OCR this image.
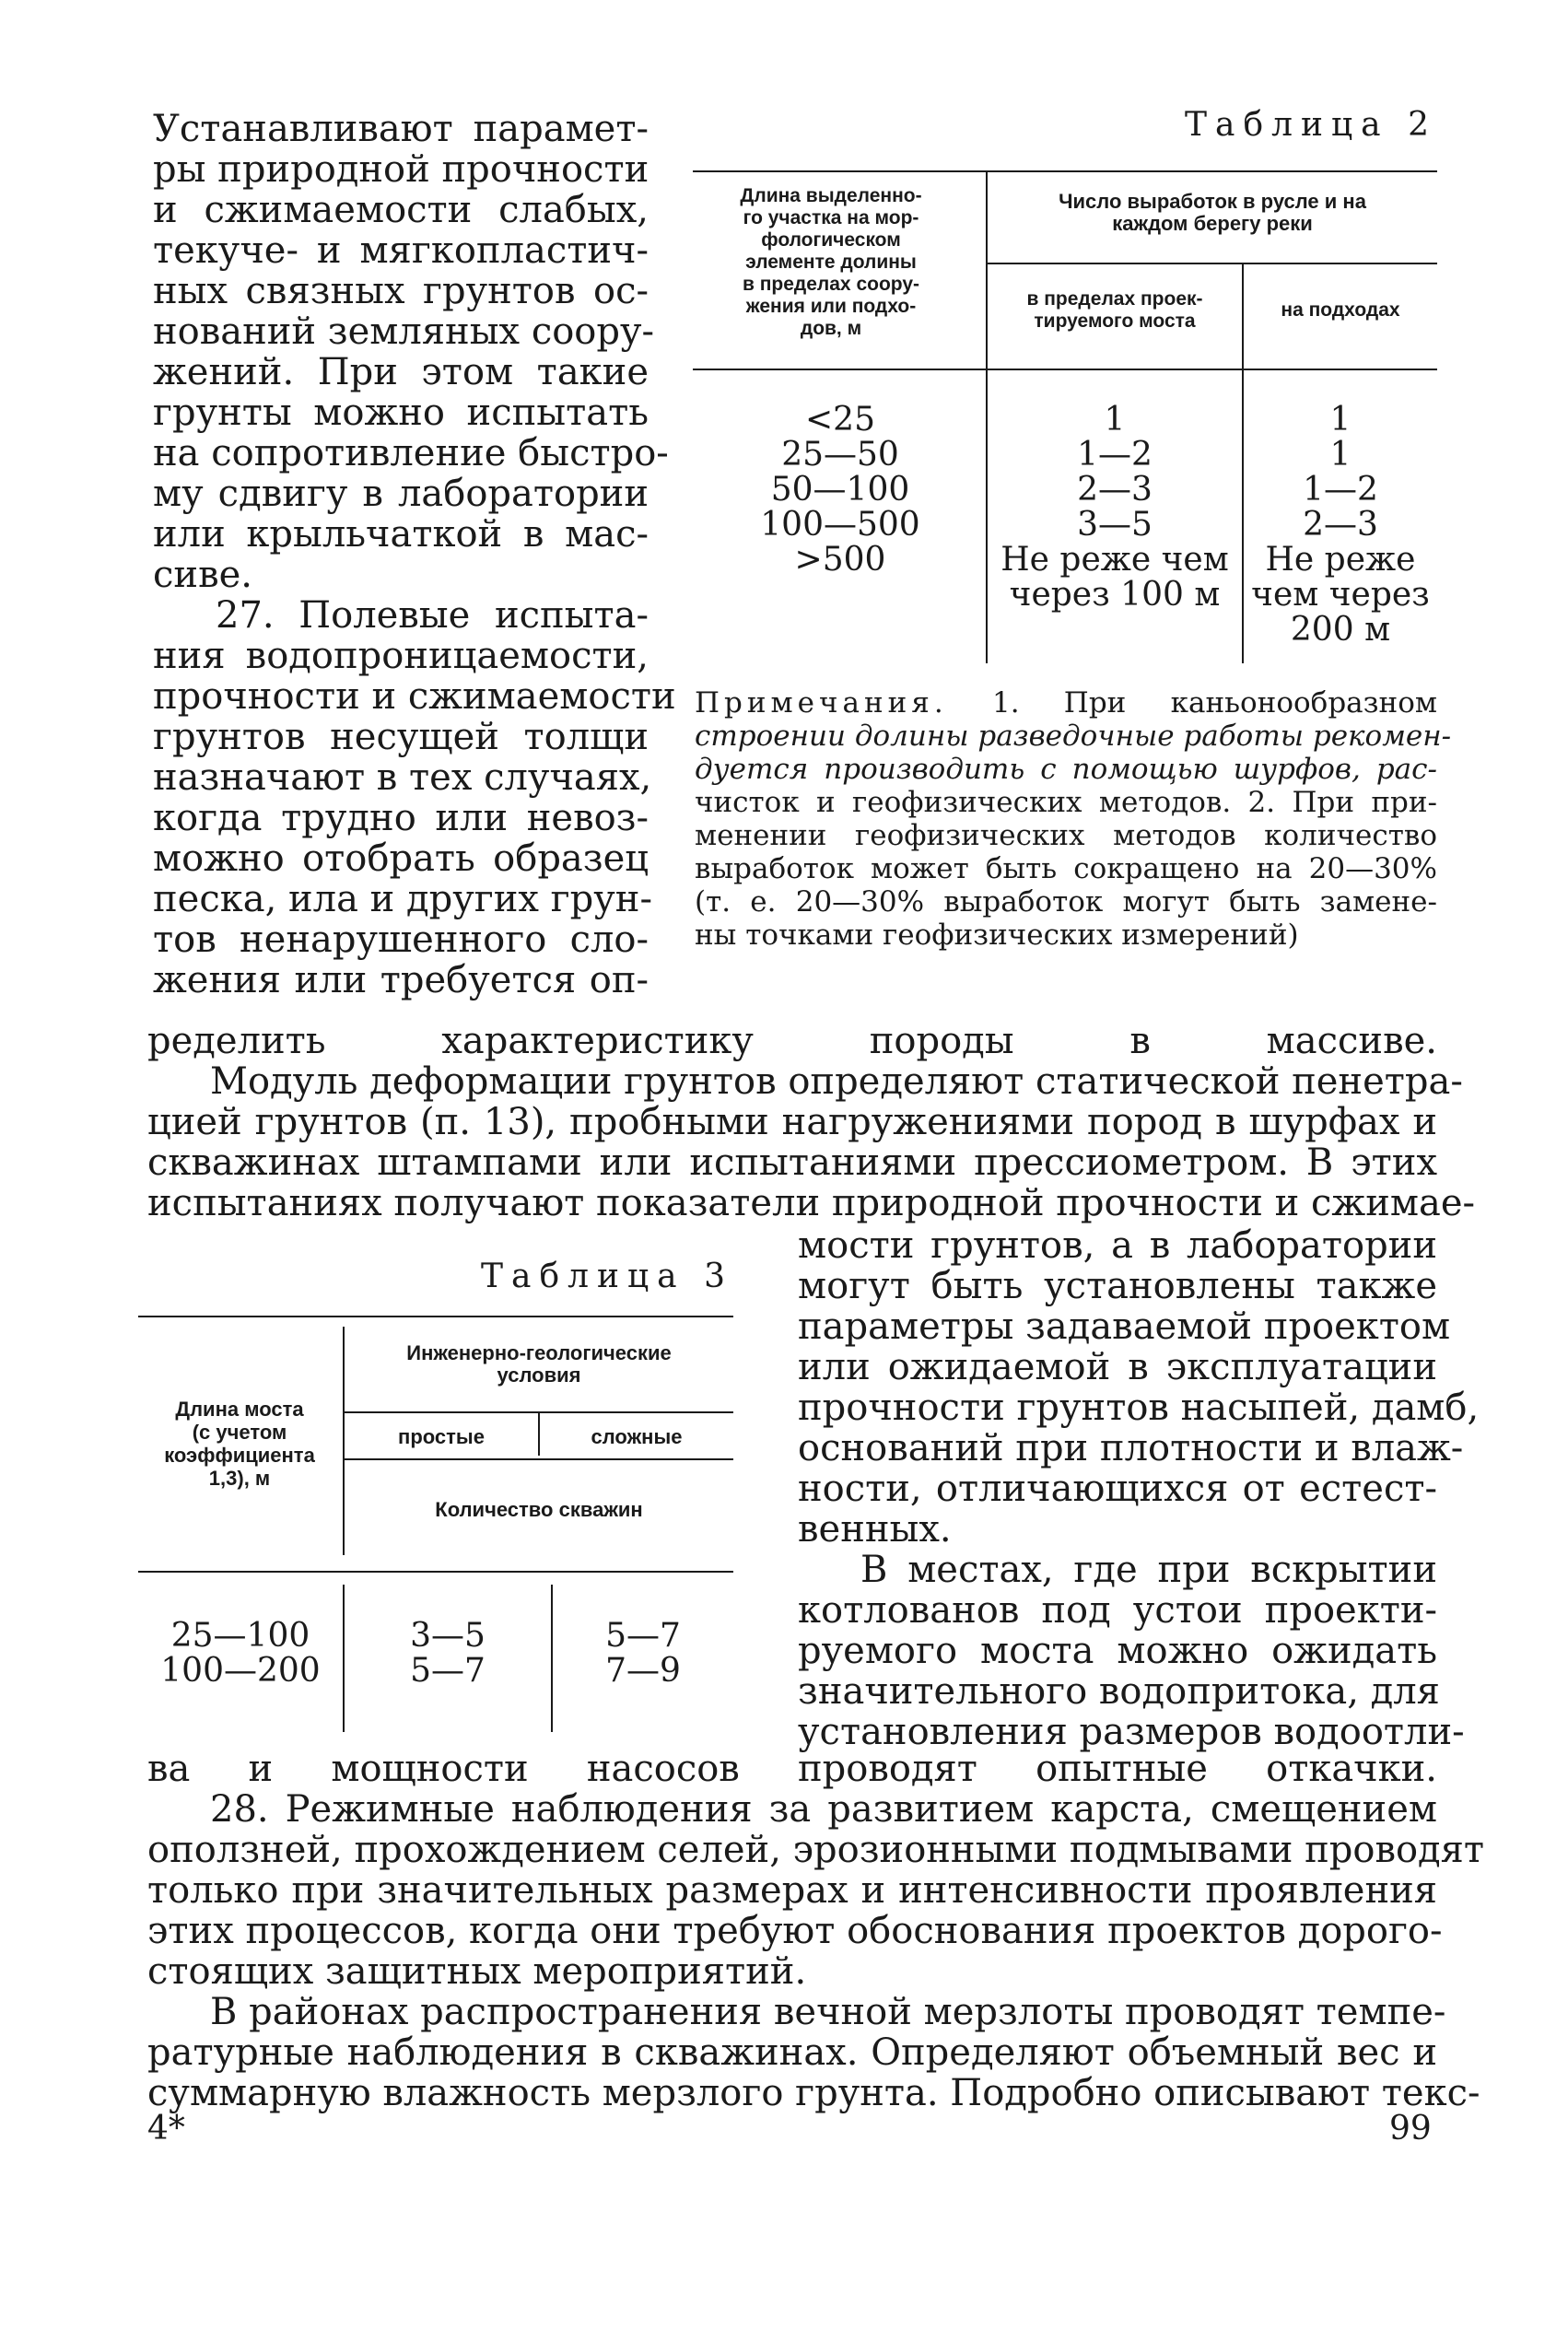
Устанавливают парамет-
ры природной прочности
и сжимаемости слабых,
текуче- и мягкопластич-
ных связных грунтов ос-
нований земляных соору-
жений. При этом такие
грунты можно испытать
на сопротивление быстро-
му сдвигу в лаборатории
или крыльчаткой в мас-
сиве.
27. Полевые испыта-
ния водопроницаемости,
прочности и сжимаемости
грунтов несущей толщи
назначают в тех случаях,
когда трудно или невоз-
можно отобрать образец
песка, ила и других грун-
тов ненарушенного сло-
жения или требуется оп-
Таблица 2
Длина выделенно-
го участка на мор-
фологическом
элементе долины
в пределах соору-
жения или подхо-
дов, м
Число выработок в русле и на
каждом берегу реки
в пределах проек-
тируемого моста
на подходах
<25
25—50
50—100
100—500
>500
1
1—2
2—3
3—5
Не реже чем
через 100 м
1
1
1—2
2—3
Не реже
чем через
200 м
Примечания. 1. При каньонообразном
строении долины разведочные работы рекомен-
дуется производить с помощью шурфов, рас-
чисток и геофизических методов. 2. При при-
менении геофизических методов количество
выработок может быть сокращено на 20—30%
(т. е. 20—30% выработок могут быть замене-
ны точками геофизических измерений)
ределить характеристику породы в массиве.
Модуль деформации грунтов определяют статической пенетра-
цией грунтов (п. 13), пробными нагружениями пород в шурфах и
скважинах штампами или испытаниями прессиометром. В этих
испытаниях получают показатели природной прочности и сжимае-
Таблица 3
Длина моста
(с учетом
коэффициента
1,3), м
Инженерно-геологические
условия
простые	сложные
Количество скважин
25—100
100—200
3—5
5—7
5—7
7—9
мости грунтов, а в лаборатории
могут быть установлены также
параметры задаваемой проектом
или ожидаемой в эксплуатации
прочности грунтов насыпей, дамб,
оснований при плотности и влаж-
ности, отличающихся от естест-
венных.
В местах, где при вскрытии
котлованов под устои проекти-
руемого моста можно ожидать
значительного водопритока, для
установления размеров водоотли-
ва и мощности насосов проводят опытные откачки.
28. Режимные наблюдения за развитием карста, смещением
оползней, прохождением селей, эрозионными подмывами проводят
только при значительных размерах и интенсивности проявления
этих процессов, когда они требуют обоснования проектов дорого-
стоящих защитных мероприятий.
В районах распространения вечной мерзлоты проводят темпе-
ратурные наблюдения в скважинах. Определяют объемный вес и
суммарную влажность мерзлого грунта. Подробно описывают текс-
4*	99
